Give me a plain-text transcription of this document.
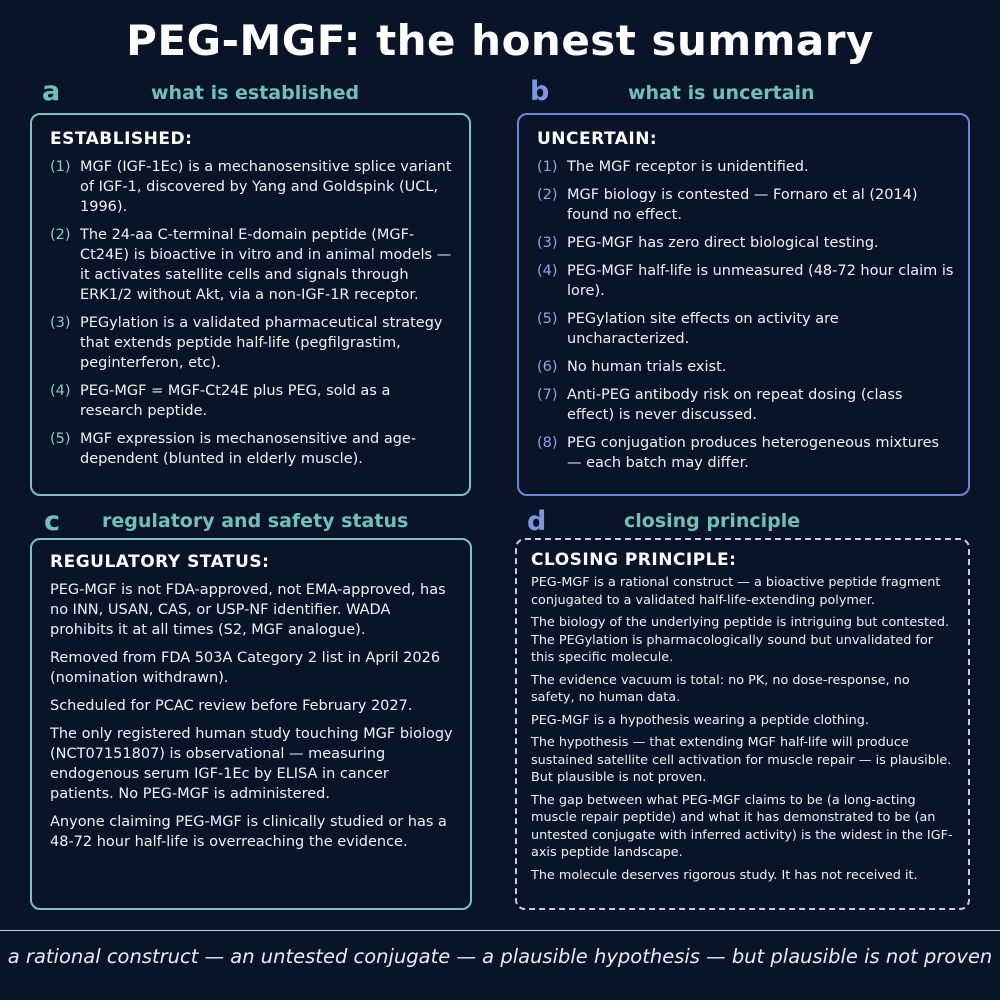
PEG-MGF: the honest summary
a	what is established
ESTABLISHED:
(1) MGF (IGF-1Ec) is a mechanosensitive splice variant of IGF-1, discovered by Yang and Goldspink (UCL, 1996).
(2) The 24-aa C-terminal E-domain peptide (MGF-Ct24E) is bioactive in vitro and in animal models — it activates satellite cells and signals through ERK1/2 without Akt, via a non-IGF-1R receptor.
(3) PEGylation is a validated pharmaceutical strategy that extends peptide half-life (pegfilgrastim, peginterferon, etc).
(4) PEG-MGF = MGF-Ct24E plus PEG, sold as a research peptide.
(5) MGF expression is mechanosensitive and age-dependent (blunted in elderly muscle).
b	what is uncertain
UNCERTAIN:
(1) The MGF receptor is unidentified.
(2) MGF biology is contested — Fornaro et al (2014) found no effect.
(3) PEG-MGF has zero direct biological testing.
(4) PEG-MGF half-life is unmeasured (48-72 hour claim is lore).
(5) PEGylation site effects on activity are uncharacterized.
(6) No human trials exist.
(7) Anti-PEG antibody risk on repeat dosing (class effect) is never discussed.
(8) PEG conjugation produces heterogeneous mixtures — each batch may differ.
c regulatory and safety status
REGULATORY STATUS:
PEG-MGF is not FDA-approved, not EMA-approved, has no INN, USAN, CAS, or USP-NF identifier. WADA prohibits it at all times (S2, MGF analogue).
Removed from FDA 503A Category 2 list in April 2026 (nomination withdrawn).
Scheduled for PCAC review before February 2027.
The only registered human study touching MGF biology (NCT07151807) is observational — measuring endogenous serum IGF-1Ec by ELISA in cancer patients. No PEG-MGF is administered.
Anyone claiming PEG-MGF is clinically studied or has a 48-72 hour half-life is overreaching the evidence.
d	closing principle
CLOSING PRINCIPLE:
PEG-MGF is a rational construct — a bioactive peptide fragment conjugated to a validated half-life-extending polymer.
The biology of the underlying peptide is intriguing but contested. The PEGylation is pharmacologically sound but unvalidated for this specific molecule.
The evidence vacuum is total: no PK, no dose-response, no safety, no human data.
PEG-MGF is a hypothesis wearing a peptide clothing.
The hypothesis — that extending MGF half-life will produce sustained satellite cell activation for muscle repair — is plausible. But plausible is not proven.
The gap between what PEG-MGF claims to be (a long-acting muscle repair peptide) and what it has demonstrated to be (an untested conjugate with inferred activity) is the widest in the IGF-axis peptide landscape.
The molecule deserves rigorous study. It has not received it.
a rational construct — an untested conjugate — a plausible hypothesis — but plausible is not proven
